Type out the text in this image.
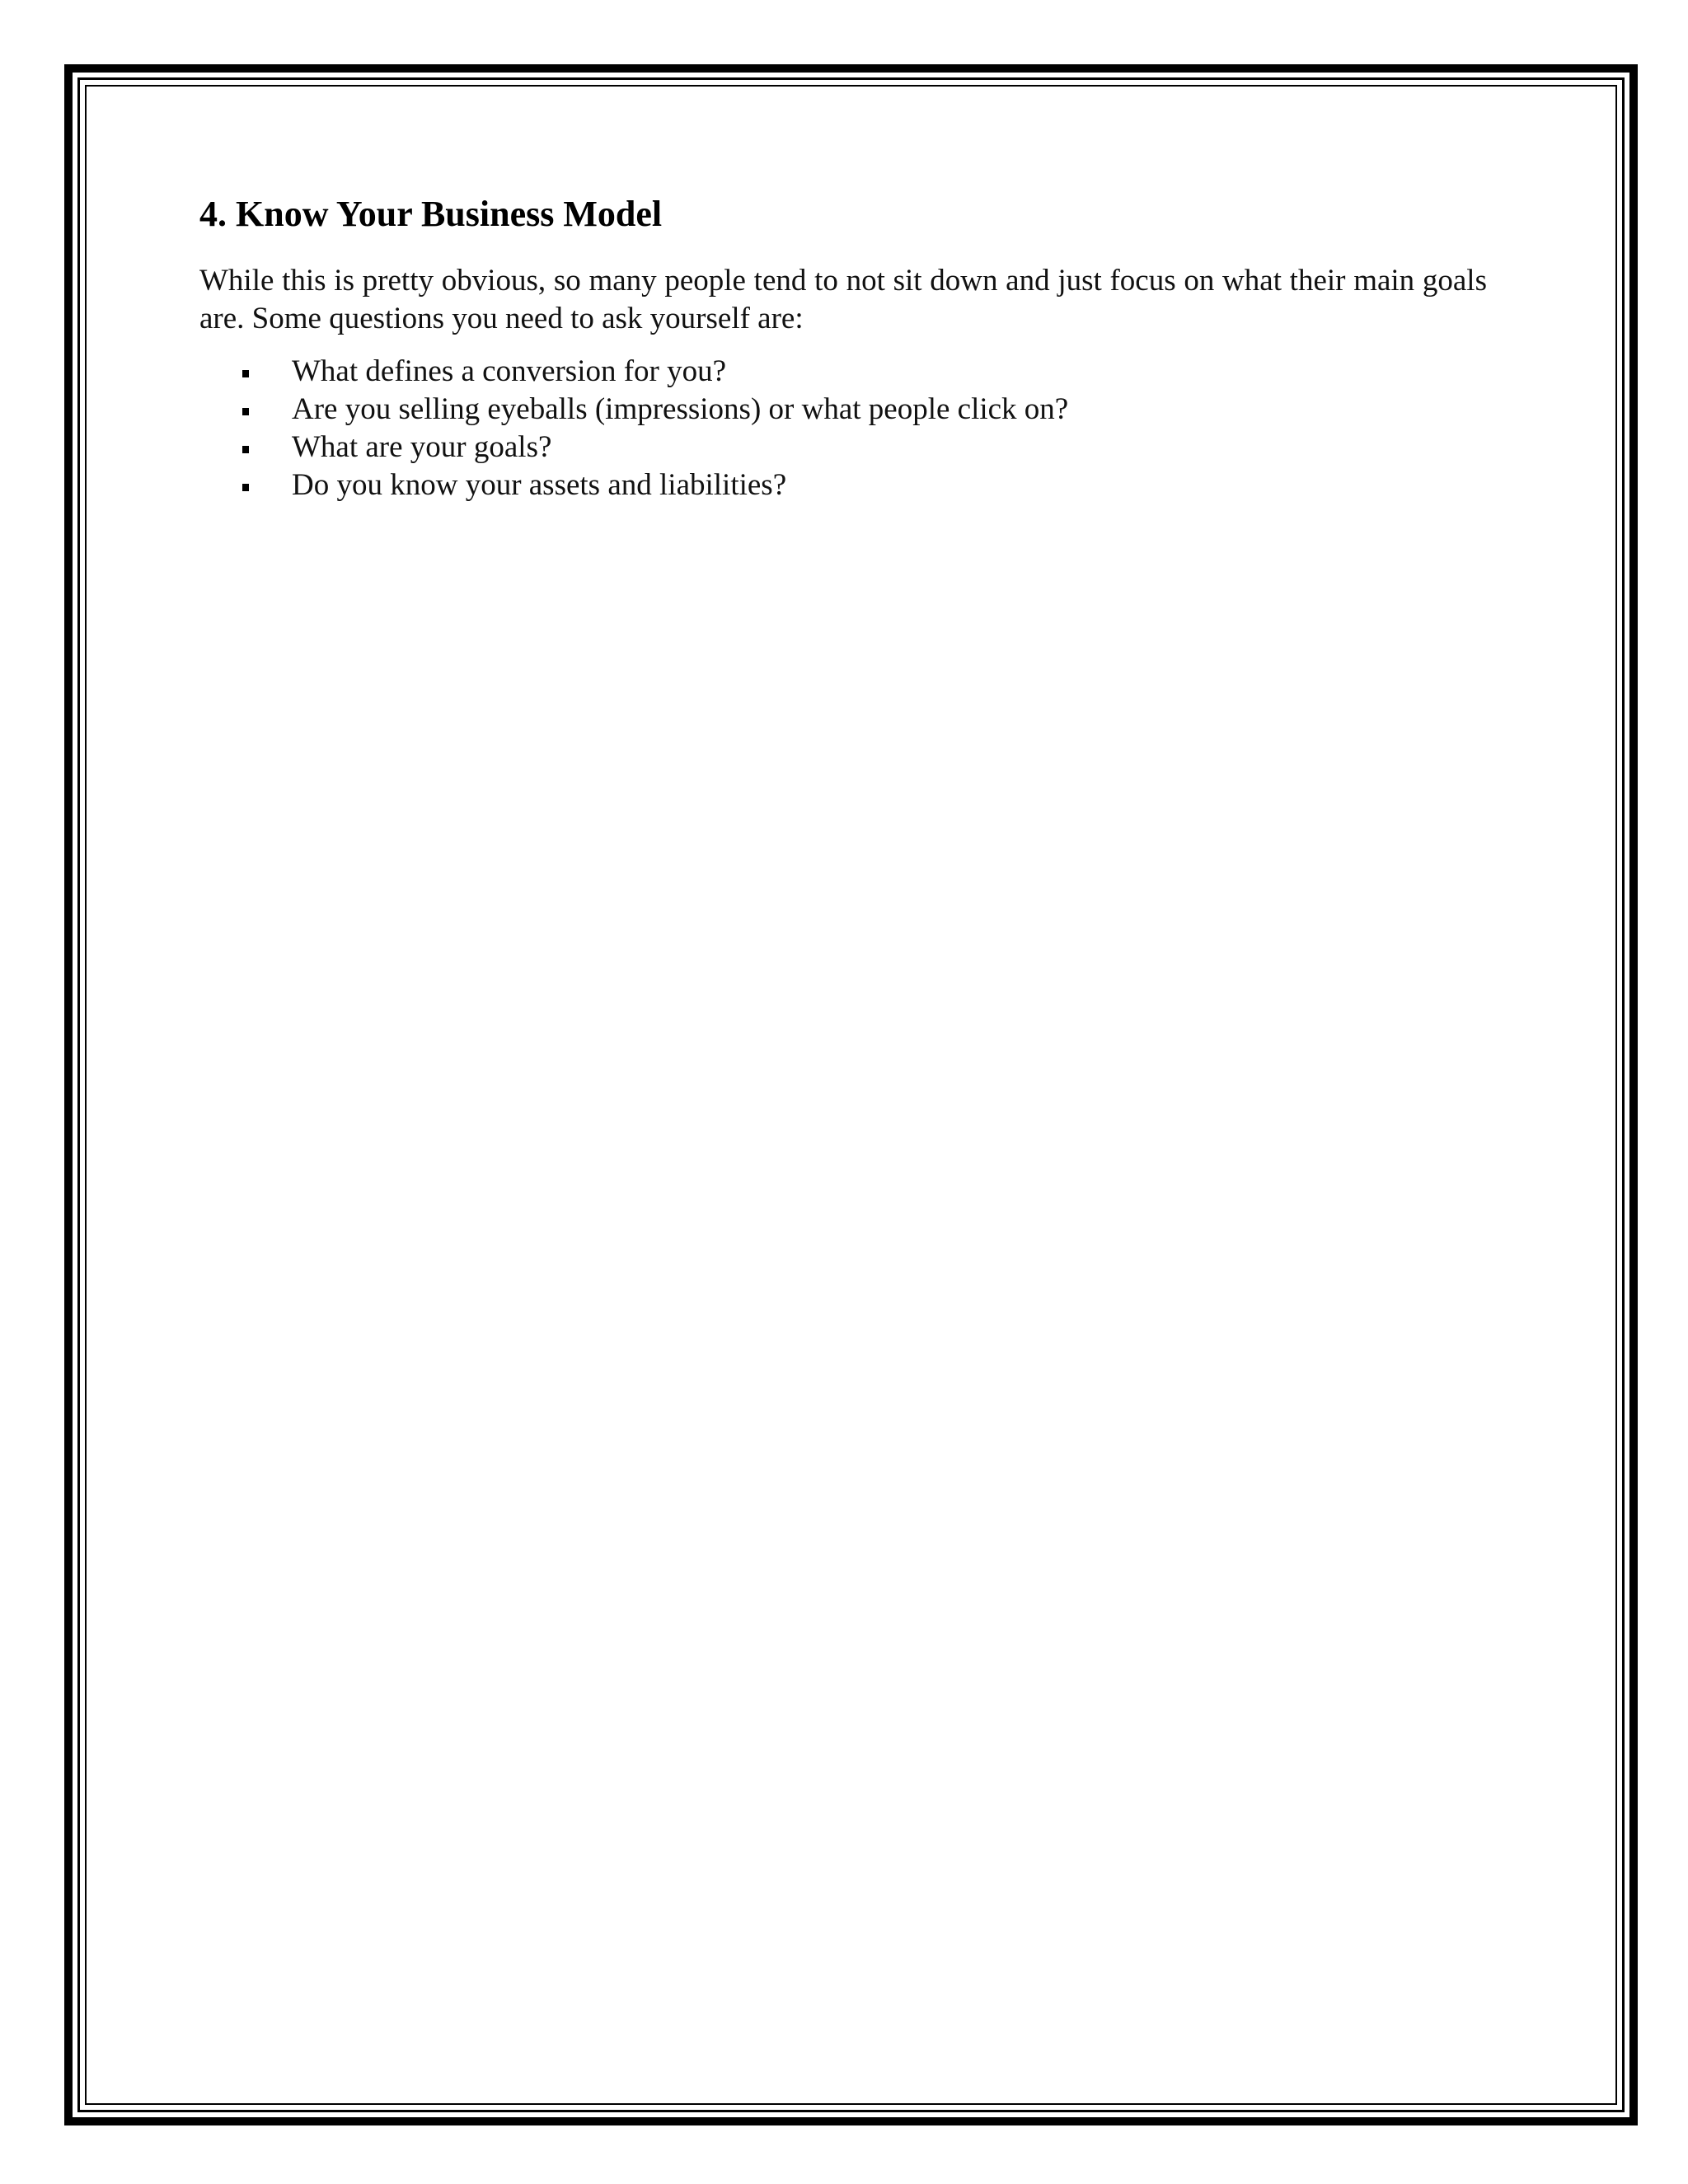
4. Know Your Business Model

While this is pretty obvious, so many people tend to not sit down and just focus on what their main goals are. Some questions you need to ask yourself are:

What defines a conversion for you?
Are you selling eyeballs (impressions) or what people click on?
What are your goals?
Do you know your assets and liabilities?
